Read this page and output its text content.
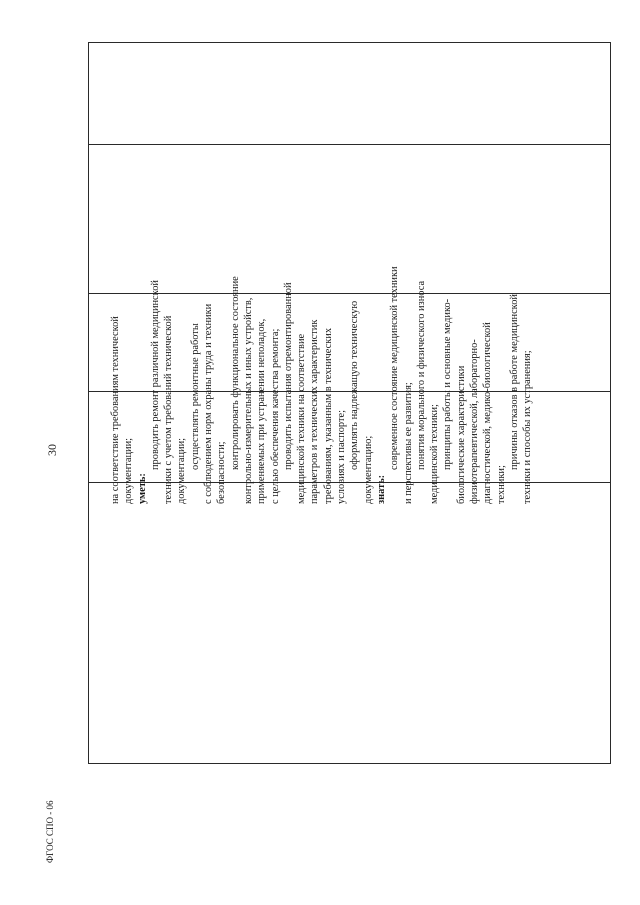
30	на соответствие требованиям технической документации; уметь:
проводить ремонт различной медицинской техники с учетом требований технической документации;
осуществлять ремонтные работы с соблюдением норм охраны труда и техники безопасности;
контролировать функциональное состояние контрольно-измерительных и иных устройств, применяемых при устранении неполадок, с целью обеспечения качества ремонта; проводить испытания отремонтированной медицинской техники на соответствие параметров и технических характеристик требованиям, указанным в технических условиях и паспорте; оформлять надлежащую техническую документацию; знать:
современное состояние медицинской техники и перспективы ее развития; понятия морального и физического износа медицинской техники; принципы работы и основные медико- биологические характеристики физиотерапевтической, лабораторно- диагностической, медико-биологической техники;
причины отказов в работе медицинской техники и способы их устранения;
ФГОС СПО - 06
